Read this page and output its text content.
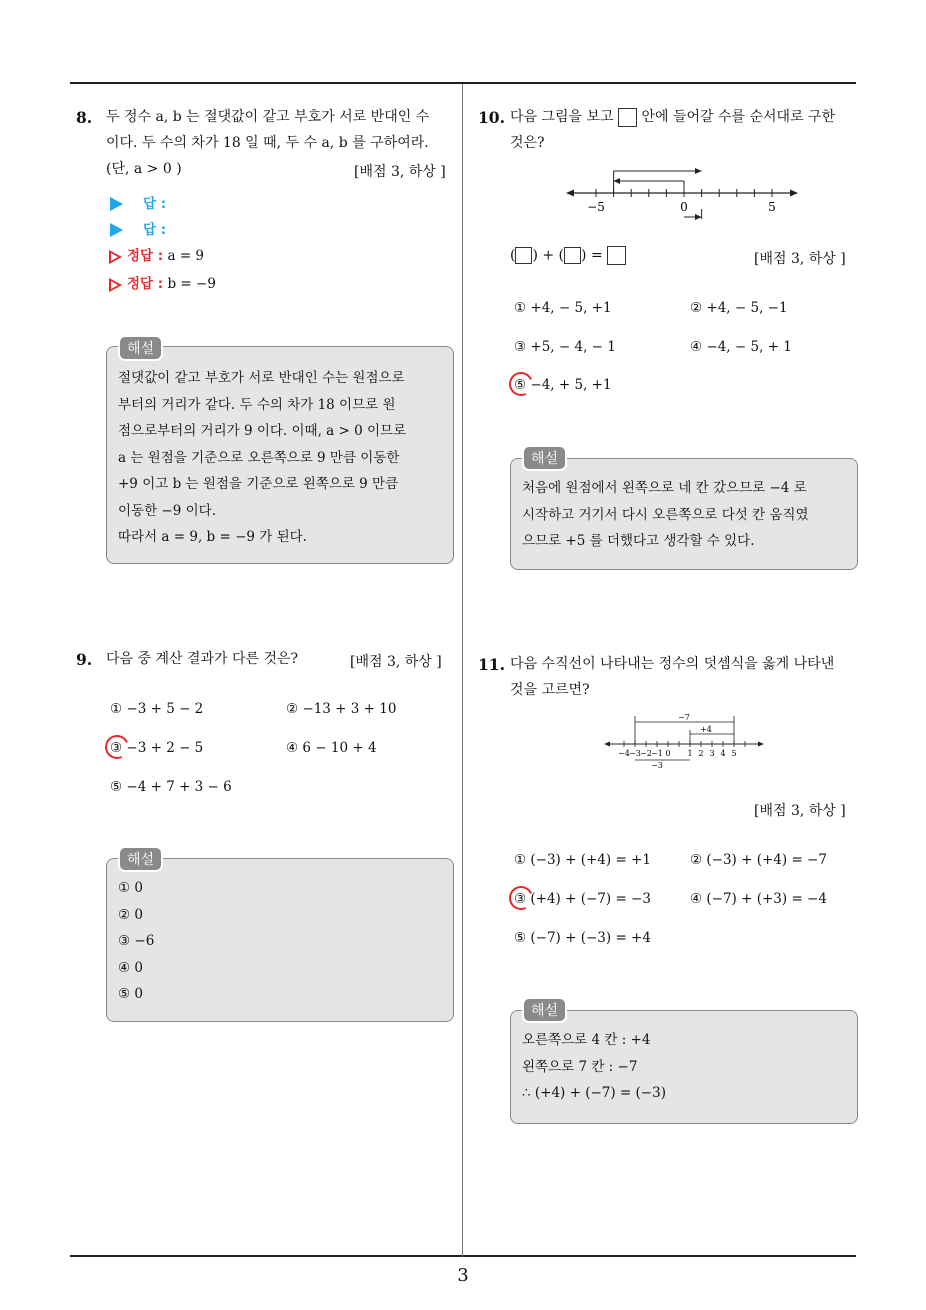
3
8. 두 정수 a, b 는 절댓값이 같고 부호가 서로 반대인 수
이다. 두 수의 차가 18 일 때, 두 수 a, b 를 구하여라.
(단, a > 0 )	[배점 3, 하상 ]
답 :
답 :
정답 : a = 9
정답 : b = −9
해설
절댓값이 같고 부호가 서로 반대인 수는 원점으로
부터의 거리가 같다. 두 수의 차가 18 이므로 원
점으로부터의 거리가 9 이다. 이때, a > 0 이므로
a 는 원점을 기준으로 오른쪽으로 9 만큼 이동한
+9 이고 b 는 원점을 기준으로 왼쪽으로 9 만큼
이동한 −9 이다.
따라서 a = 9, b = −9 가 된다.
9. 다음 중 계산 결과가 다른 것은?	[배점 3, 하상 ]
① −3 + 5 − 2	② −13 + 3 + 10
③ −3 + 2 − 5	④ 6 − 10 + 4
⑤ −4 + 7 + 3 − 6
해설
① 0
② 0
③ −6
④ 0
⑤ 0
10. 다음 그림을 보고 안에 들어갈 수를 순서대로 구한
것은?
−5	0	5
( ) + ( ) =	[배점 3, 하상 ]
① +4, − 5, +1	② +4, − 5, −1
③ +5, − 4, − 1	④ −4, − 5, + 1
⑤ −4, + 5, +1
해설
처음에 원점에서 왼쪽으로 네 칸 갔으므로 −4 로
시작하고 거기서 다시 오른쪽으로 다섯 칸 움직였
으므로 +5 를 더했다고 생각할 수 있다.
11. 다음 수직선이 나타내는 정수의 덧셈식을 옳게 나타낸
것을 고르면?
−7
+4
−3
−4 −3 −2 −1 0 1 2 3 4 5
[배점 3, 하상 ]
① (−3) + (+4) = +1	② (−3) + (+4) = −7
③ (+4) + (−7) = −3	④ (−7) + (+3) = −4
⑤ (−7) + (−3) = +4
해설
오른쪽으로 4 칸 : +4
왼쪽으로 7 칸 : −7
∴ (+4) + (−7) = (−3)
